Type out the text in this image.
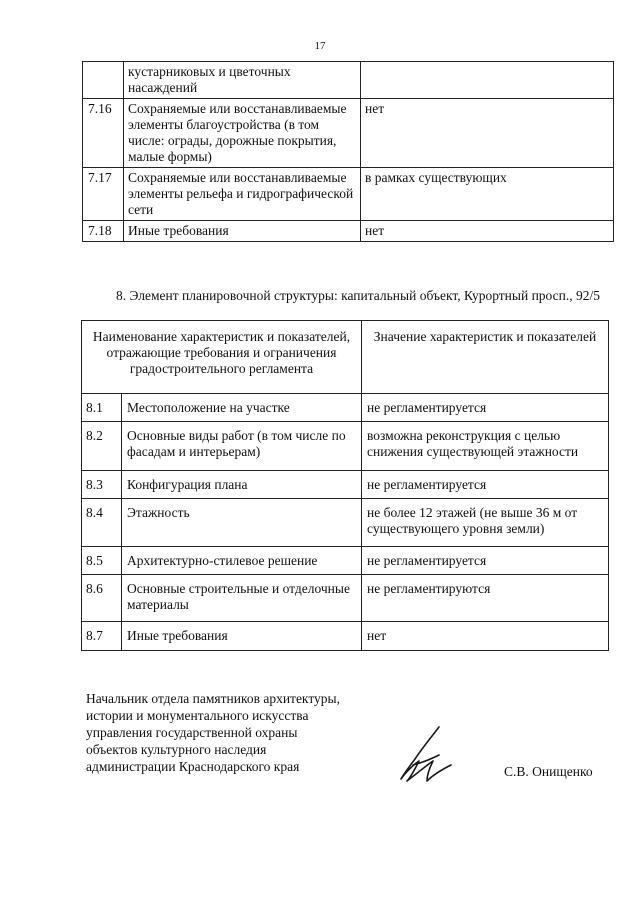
17
	кустарниковых и цветочных насаждений	
7.16	Сохраняемые или восстанавливаемые элементы благоустройства (в том числе: ограды, дорожные покрытия, малые формы)	нет
7.17	Сохраняемые или восстанавливаемые элементы рельефа и гидрографической сети	в рамках существующих
7.18	Иные требования	нет
8. Элемент планировочной структуры: капитальный объект, Курортный просп., 92/5
Наименование характеристик и показателей, отражающие требования и ограничения градостроительного регламента		Значение характеристик и показателей
8.1	Местоположение на участке	не регламентируется
8.2	Основные виды работ (в том числе по фасадам и интерьерам)	возможна реконструкция с целью снижения существующей этажности
8.3	Конфигурация плана	не регламентируется
8.4	Этажность	не более 12 этажей (не выше 36 м от существующего уровня земли)
8.5	Архитектурно-стилевое решение	не регламентируется
8.6	Основные строительные и отделочные материалы	не регламентируются
8.7	Иные требования	нет
Начальник отдела памятников архитектуры,
истории и монументального искусства
управления государственной охраны
объектов культурного наследия
администрации Краснодарского края	С.В. Онищенко
